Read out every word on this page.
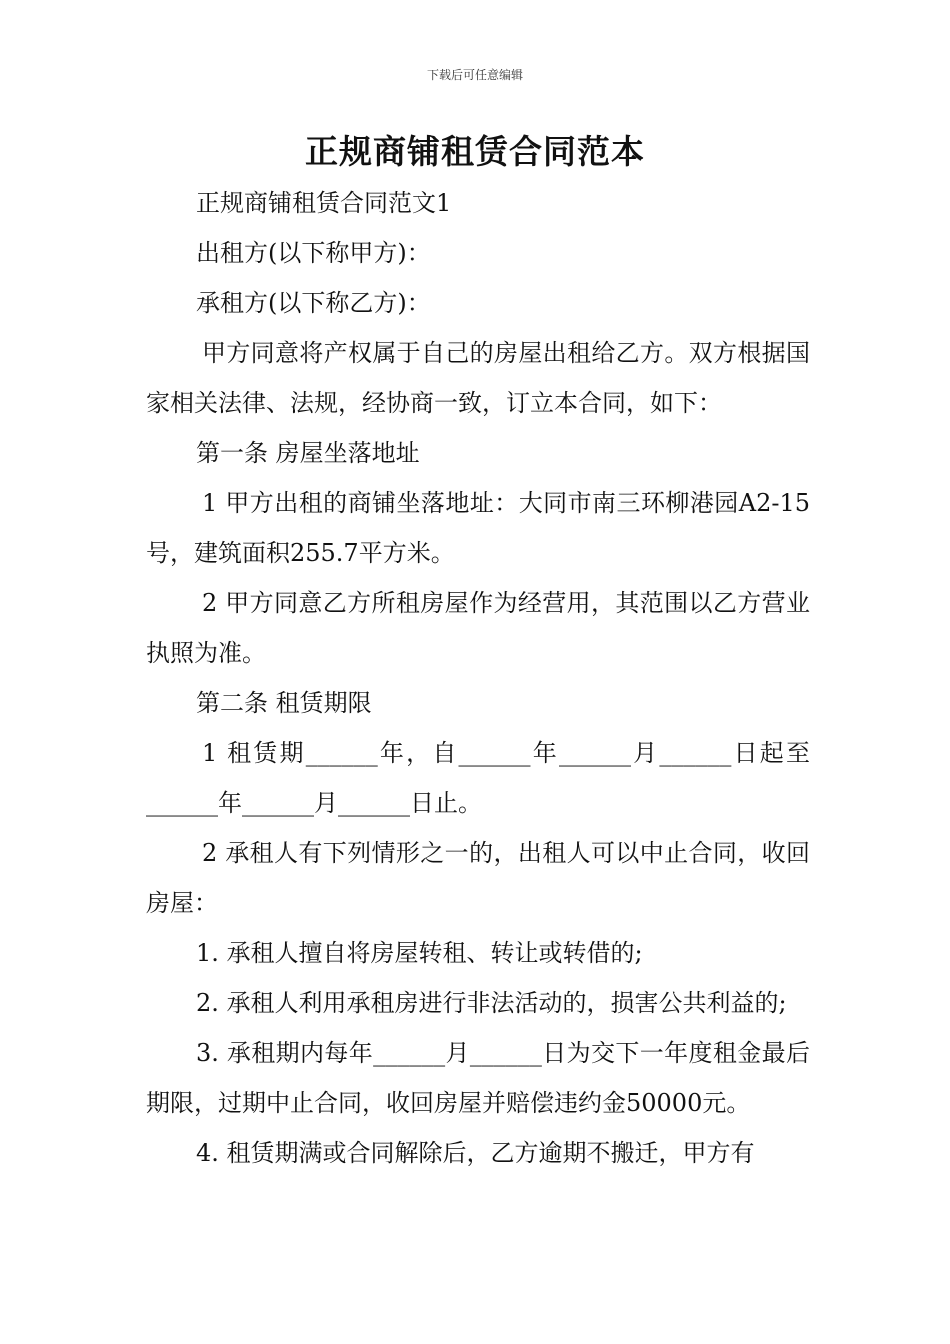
下载后可任意编辑
正规商铺租赁合同范本

正规商铺租赁合同范文1

出租方(以下称甲方)：

承租方(以下称乙方)：

甲方同意将产权属于自己的房屋出租给乙方。双方根据国家相关法律、法规，经协商一致，订立本合同，如下：

第一条 房屋坐落地址

1 甲方出租的商铺坐落地址：大同市南三环柳港园A2-15号，建筑面积255.7平方米。

2 甲方同意乙方所租房屋作为经营用，其范围以乙方营业执照为准。

第二条 租赁期限

1 租赁期______年，自______年______月______日起至______年______月______日止。

2 承租人有下列情形之一的，出租人可以中止合同，收回房屋：

1. 承租人擅自将房屋转租、转让或转借的;

2. 承租人利用承租房进行非法活动的，损害公共利益的;

3. 承租期内每年______月______日为交下一年度租金最后期限，过期中止合同，收回房屋并赔偿违约金50000元。

4. 租赁期满或合同解除后，乙方逾期不搬迁，甲方有
